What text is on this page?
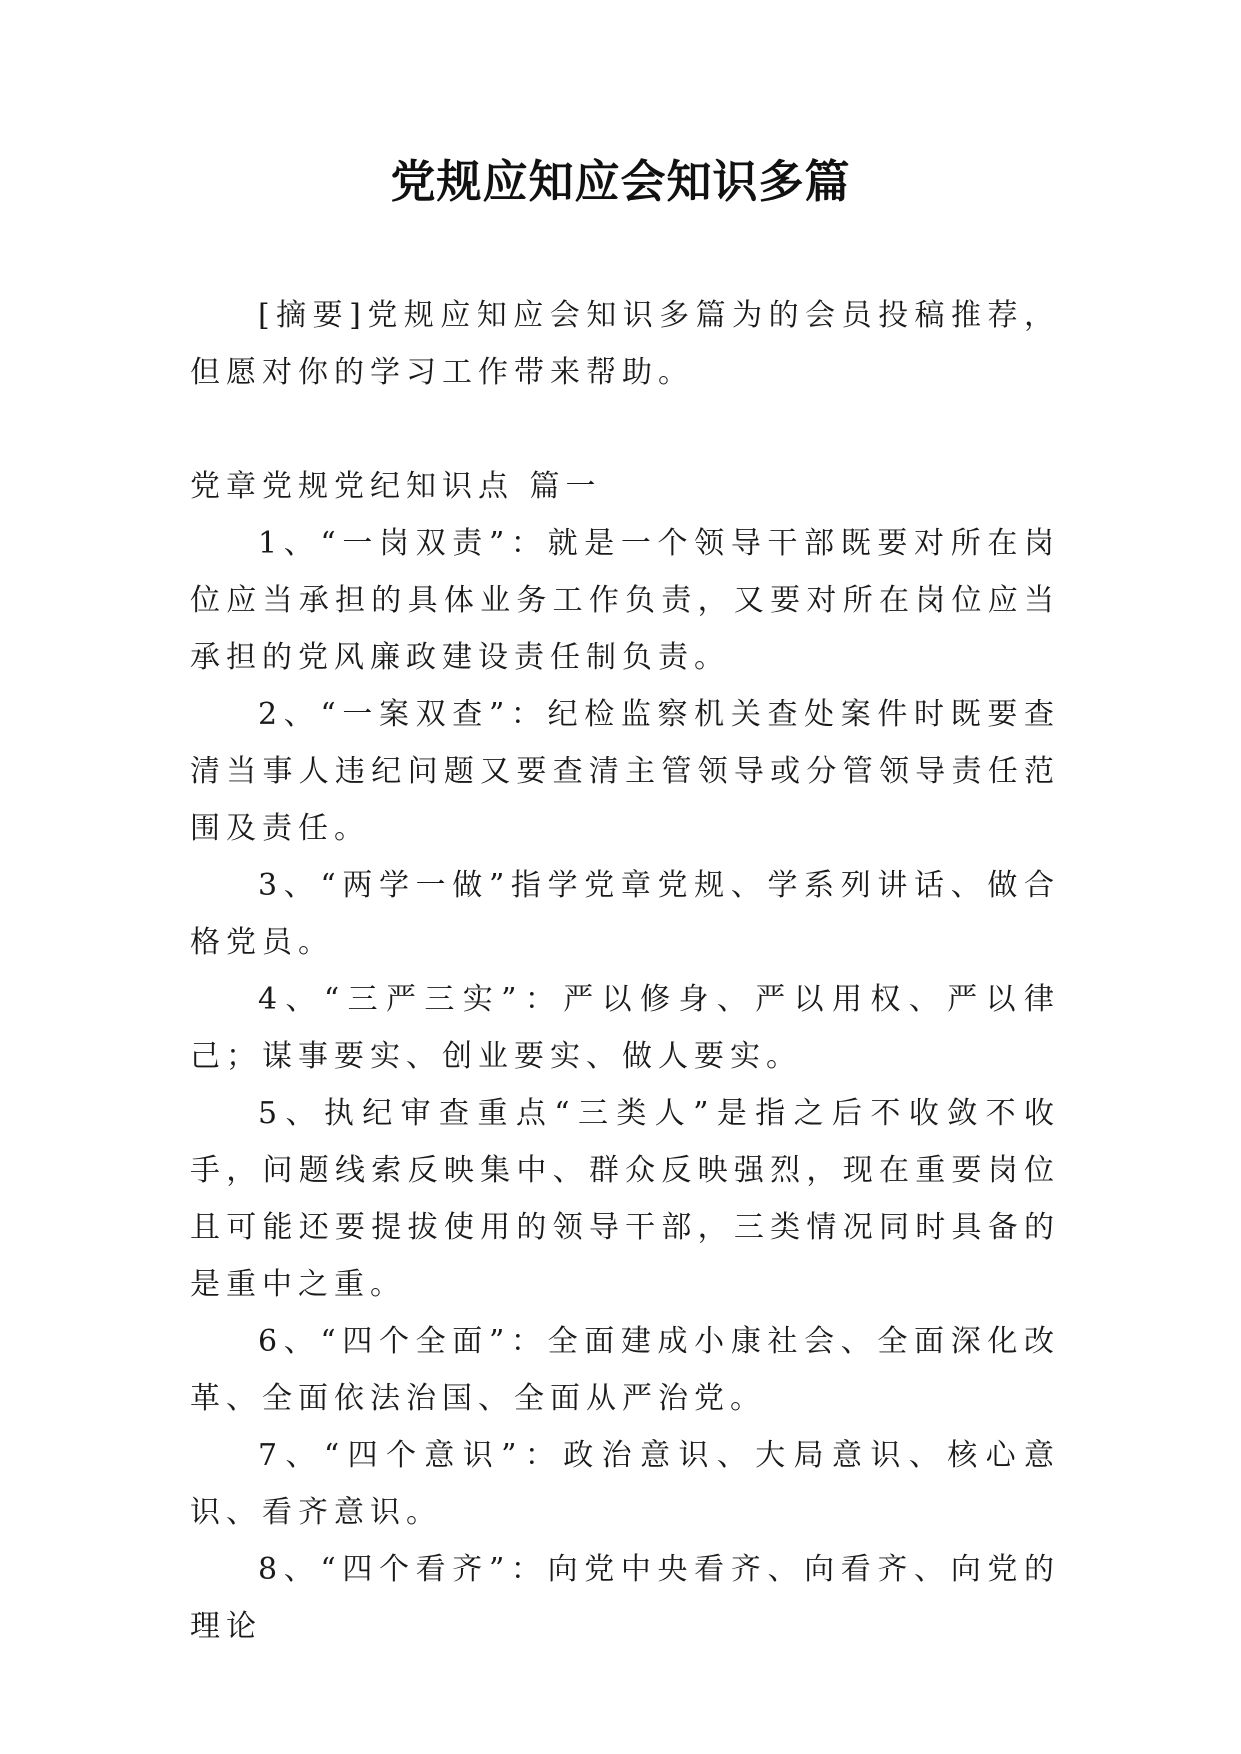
党规应知应会知识多篇

[摘要]党规应知应会知识多篇为的会员投稿推荐，但愿对你的学习工作带来帮助。

党章党规党纪知识点 篇一

1、“一岗双责”：就是一个领导干部既要对所在岗位应当承担的具体业务工作负责，又要对所在岗位应当承担的党风廉政建设责任制负责。

2、“一案双查”：纪检监察机关查处案件时既要查清当事人违纪问题又要查清主管领导或分管领导责任范围及责任。

3、“两学一做”指学党章党规、学系列讲话、做合格党员。

4、“三严三实”：严以修身、严以用权、严以律己；谋事要实、创业要实、做人要实。

5、执纪审查重点“三类人”是指之后不收敛不收手，问题线索反映集中、群众反映强烈，现在重要岗位且可能还要提拔使用的领导干部，三类情况同时具备的是重中之重。

6、“四个全面”：全面建成小康社会、全面深化改革、全面依法治国、全面从严治党。

7、“四个意识”：政治意识、大局意识、核心意识、看齐意识。

8、“四个看齐”：向党中央看齐、向看齐、向党的理论
